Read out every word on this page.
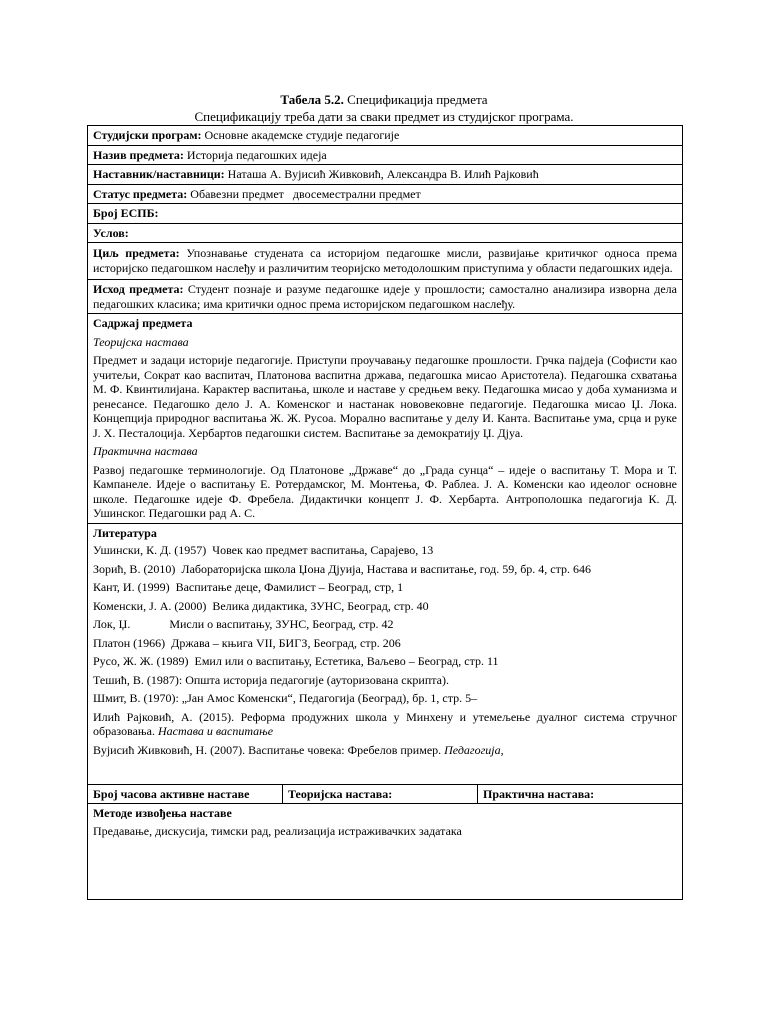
Табела 5.2. Спецификација предмета
Спецификацију треба дати за сваки предмет из студијског програма.
Студијски програм: Основне академске студије педагогије
Назив предмета: Историја педагошких идеја
Наставник/наставници: Наташа А. Вујисић Живковић, Александра В. Илић Рајковић
Статус предмета: Обавезни предмет   двосеместрални предмет
Број ЕСПБ:
Услов:
Циљ предмета: Упознавање студената са историјом педагошке мисли, развијање критичког односа према историјско педагошком наслеђу и различитим теоријско методолошким приступима у области педагошких идеја.
Исход предмета: Студент познаје и разуме педагошке идеје у прошлости; самостално анализира изворна дела педагошких класика; има критички однос према историјском педагошком наслеђу.

Садржај предмета
Теоријска настава
Предмет и задаци историје педагогије. Приступи проучавању педагошке прошлости. Грчка пајдеја (Софисти као учитељи, Сократ као васпитач, Платонова васпитна држава, педагошка мисао Аристотела). Педагошка схватања М. Ф. Квинтилијана. Карактер васпитања, школе и наставе у средњем веку. Педагошка мисао у доба хуманизма и ренесансе. Педагошко дело Ј. А. Коменског и настанак нововековне педагогије. Педагошка мисао Џ. Лока. Концепција природног васпитања Ж. Ж. Русоа. Морално васпитање у делу И. Канта. Васпитање ума, срца и руке Ј. Х. Песталоција. Хербартов педагошки систем. Васпитање за демократију Џ. Дјуа.
Практична настава
Развој педагошке терминологије. Од Платонове „Државе“ до „Града сунца“ – идеје о васпитању Т. Мора и Т. Кампанеле. Идеје о васпитању Е. Ротердамског, М. Монтења, Ф. Раблеа. Ј. А. Коменски као идеолог основне школе. Педагошке идеје Ф. Фребела. Дидактички концепт Ј. Ф. Хербарта. Антрополошка педагогија К. Д. Ушинског. Педагошки рад А. С.

Литература
Ушински, К. Д. (1957)  Човек као предмет васпитања, Сарајево, 13
Зорић, В. (2010)  Лабораторијска школа Џона Дјуија, Настава и васпитање, год. 59, бр. 4, стр. 646
Кант, И. (1999)  Васпитање деце, Фамилист – Београд, стр, 1
Коменски, Ј. А. (2000)  Велика дидактика, ЗУНС, Београд, стр. 40
Лок, Џ.             Мисли о васпитању, ЗУНС, Београд, стр. 42
Платон (1966)  Држава – књига VII, БИГЗ, Београд, стр. 206
Русо, Ж. Ж. (1989)  Емил или о васпитању, Естетика, Ваљево – Београд, стр. 11
Тешић, В. (1987): Општа историја педагогије (ауторизована скрипта).
Шмит, В. (1970): „Јан Амос Коменски“, Педагогија (Београд), бр. 1, стр. 5–
Илић Рајковић, А. (2015). Реформа продужних школа у Минхену и утемељење дуалног система стручног образовања. Настава и васпитање
Вујисић Живковић, Н. (2007). Васпитање човека: Фребелов пример. Педагогија,

Број часова активне наставе	Теоријска настава:	Практична настава:

Методе извођења наставе
Предавање, дискусија, тимски рад, реализација истраживачких задатака
